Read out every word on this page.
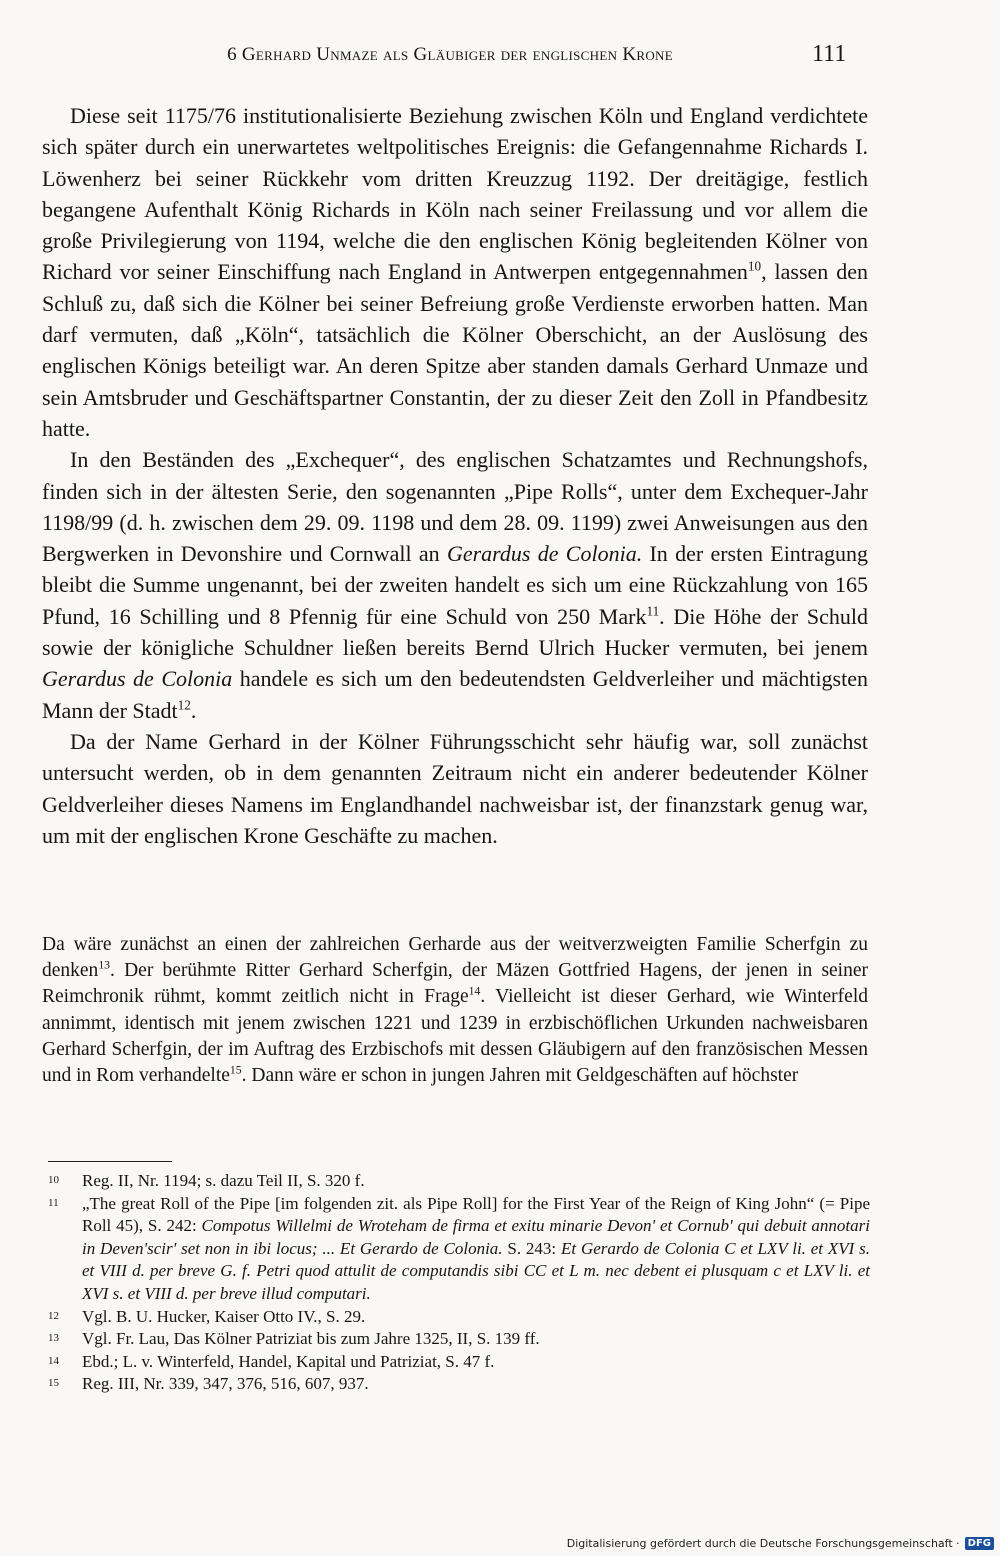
6 Gerhard Unmaze als Gläubiger der englischen Krone	111

Diese seit 1175/76 institutionalisierte Beziehung zwischen Köln und England verdichtete sich später durch ein unerwartetes weltpolitisches Ereignis: die Gefangennahme Richards I. Löwenherz bei seiner Rückkehr vom dritten Kreuzzug 1192. Der dreitägige, festlich begangene Aufenthalt König Richards in Köln nach seiner Freilassung und vor allem die große Privilegierung von 1194, welche die den englischen König begleitenden Kölner von Richard vor seiner Einschiffung nach England in Antwerpen entgegennahmen$^{10}$, lassen den Schluß zu, daß sich die Kölner bei seiner Befreiung große Verdienste erworben hatten. Man darf vermuten, daß „Köln“, tatsächlich die Kölner Oberschicht, an der Auslösung des englischen Königs beteiligt war. An deren Spitze aber standen damals Gerhard Unmaze und sein Amtsbruder und Geschäftspartner Constantin, der zu dieser Zeit den Zoll in Pfandbesitz hatte.

In den Beständen des „Exchequer“, des englischen Schatzamtes und Rechnungshofs, finden sich in der ältesten Serie, den sogenannten „Pipe Rolls“, unter dem Exchequer-Jahr 1198/99 (d. h. zwischen dem 29. 09. 1198 und dem 28. 09. 1199) zwei Anweisungen aus den Bergwerken in Devonshire und Cornwall an Gerardus de Colonia. In der ersten Eintragung bleibt die Summe ungenannt, bei der zweiten handelt es sich um eine Rückzahlung von 165 Pfund, 16 Schilling und 8 Pfennig für eine Schuld von 250 Mark$^{11}$. Die Höhe der Schuld sowie der königliche Schuldner ließen bereits Bernd Ulrich Hucker vermuten, bei jenem Gerardus de Colonia handele es sich um den bedeutendsten Geldverleiher und mächtigsten Mann der Stadt$^{12}$.

Da der Name Gerhard in der Kölner Führungsschicht sehr häufig war, soll zunächst untersucht werden, ob in dem genannten Zeitraum nicht ein anderer bedeutender Kölner Geldverleiher dieses Namens im Englandhandel nachweisbar ist, der finanzstark genug war, um mit der englischen Krone Geschäfte zu machen.

Da wäre zunächst an einen der zahlreichen Gerharde aus der weitverzweigten Familie Scherfgin zu denken$^{13}$. Der berühmte Ritter Gerhard Scherfgin, der Mäzen Gottfried Hagens, der jenen in seiner Reimchronik rühmt, kommt zeitlich nicht in Frage$^{14}$. Vielleicht ist dieser Gerhard, wie Winterfeld annimmt, identisch mit jenem zwischen 1221 und 1239 in erzbischöflichen Urkunden nachweisbaren Gerhard Scherfgin, der im Auftrag des Erzbischofs mit dessen Gläubigern auf den französischen Messen und in Rom verhandelte$^{15}$. Dann wäre er schon in jungen Jahren mit Geldgeschäften auf höchster

10	Reg. II, Nr. 1194; s. dazu Teil II, S. 320 f.
11	„The great Roll of the Pipe [im folgenden zit. als Pipe Roll] for the First Year of the Reign of King John“ (= Pipe Roll 45), S. 242: Compotus Willelmi de Wroteham de firma et exitu minarie Devon' et Cornub' qui debuit annotari in Deven'scir' set non in ibi locus; ... Et Gerardo de Colonia. S. 243: Et Gerardo de Colonia C et LXV li. et XVI s. et VIII d. per breve G. f. Petri quod attulit de computandis sibi CC et L m. nec debent ei plusquam c et LXV li. et XVI s. et VIII d. per breve illud computari.
12	Vgl. B. U. Hucker, Kaiser Otto IV., S. 29.
13	Vgl. Fr. Lau, Das Kölner Patriziat bis zum Jahre 1325, II, S. 139 ff.
14	Ebd.; L. v. Winterfeld, Handel, Kapital und Patriziat, S. 47 f.
15	Reg. III, Nr. 339, 347, 376, 516, 607, 937.
Digitalisierung gefördert durch die Deutsche Forschungsgemeinschaft · DFG
